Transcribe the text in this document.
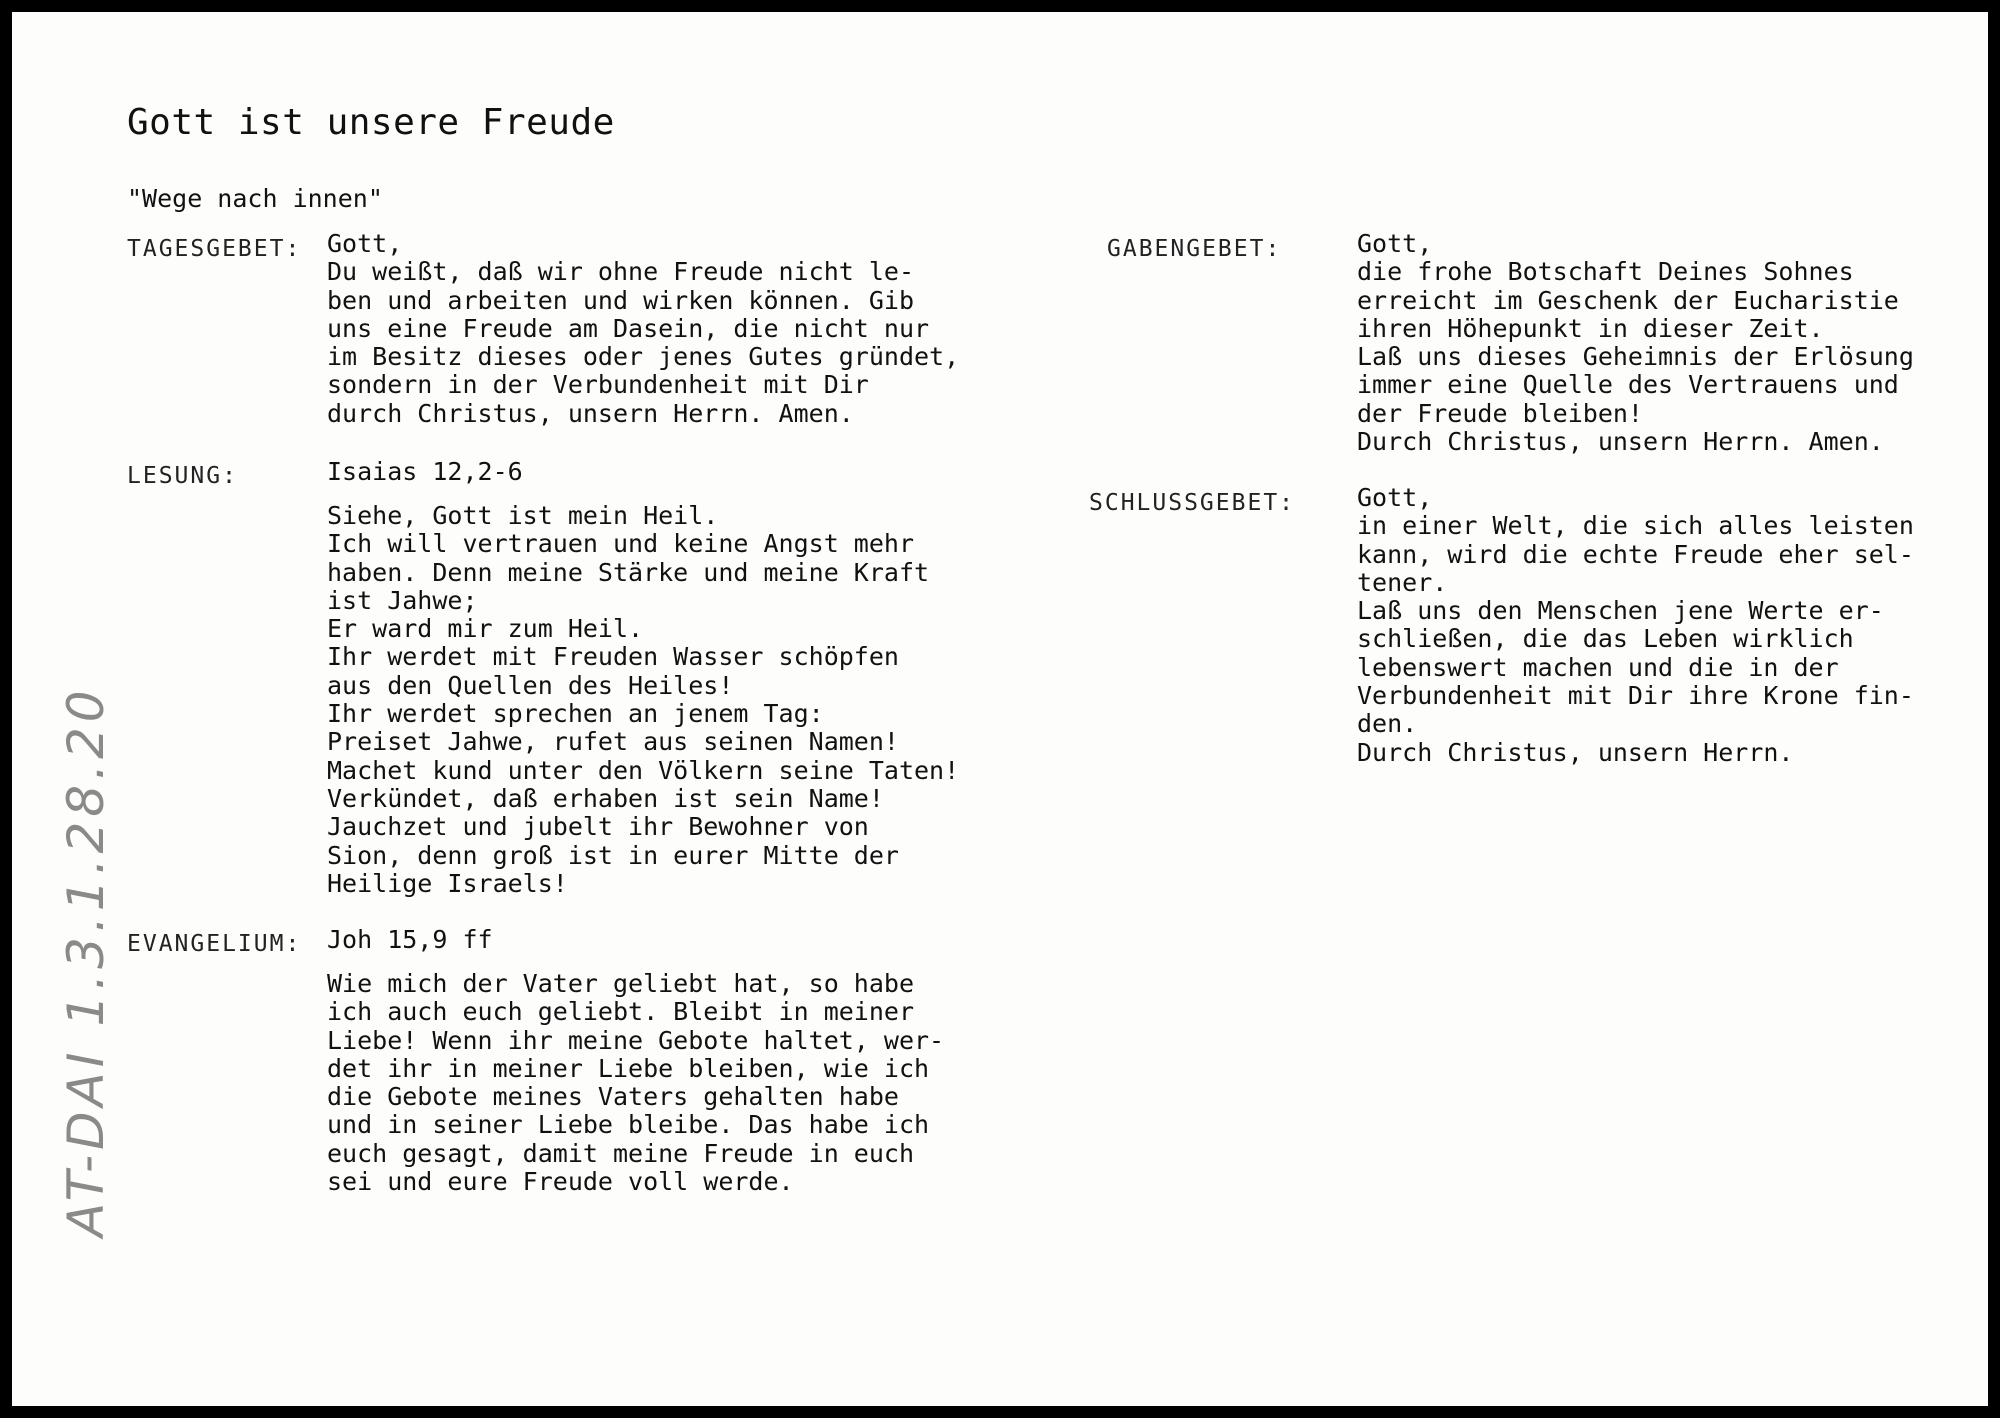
Gott ist unsere Freude
"Wege nach innen"
TAGESGEBET: Gott,
Du weißt, daß wir ohne Freude nicht le-
ben und arbeiten und wirken können. Gib
uns eine Freude am Dasein, die nicht nur
im Besitz dieses oder jenes Gutes gründet,
sondern in der Verbundenheit mit Dir
durch Christus, unsern Herrn. Amen.
LESUNG:	Isaias 12,2-6
Siehe, Gott ist mein Heil.
Ich will vertrauen und keine Angst mehr
haben. Denn meine Stärke und meine Kraft
ist Jahwe;
Er ward mir zum Heil.
Ihr werdet mit Freuden Wasser schöpfen
aus den Quellen des Heiles!
Ihr werdet sprechen an jenem Tag:
Preiset Jahwe, rufet aus seinen Namen!
Machet kund unter den Völkern seine Taten!
Verkündet, daß erhaben ist sein Name!
Jauchzet und jubelt ihr Bewohner von
Sion, denn groß ist in eurer Mitte der
Heilige Israels!
EVANGELIUM: Joh 15,9 ff
Wie mich der Vater geliebt hat, so habe
ich auch euch geliebt. Bleibt in meiner
Liebe! Wenn ihr meine Gebote haltet, wer-
det ihr in meiner Liebe bleiben, wie ich
die Gebote meines Vaters gehalten habe
und in seiner Liebe bleibe. Das habe ich
euch gesagt, damit meine Freude in euch
sei und eure Freude voll werde.
GABENGEBET:	Gott,
die frohe Botschaft Deines Sohnes
erreicht im Geschenk der Eucharistie
ihren Höhepunkt in dieser Zeit.
Laß uns dieses Geheimnis der Erlösung
immer eine Quelle des Vertrauens und
der Freude bleiben!
Durch Christus, unsern Herrn. Amen.
SCHLUSSGEBET: Gott,
in einer Welt, die sich alles leisten
kann, wird die echte Freude eher sel-
tener.
Laß uns den Menschen jene Werte er-
schließen, die das Leben wirklich
lebenswert machen und die in der
Verbundenheit mit Dir ihre Krone fin-
den.
Durch Christus, unsern Herrn.
AT-DAI 1.3.1.28.20
